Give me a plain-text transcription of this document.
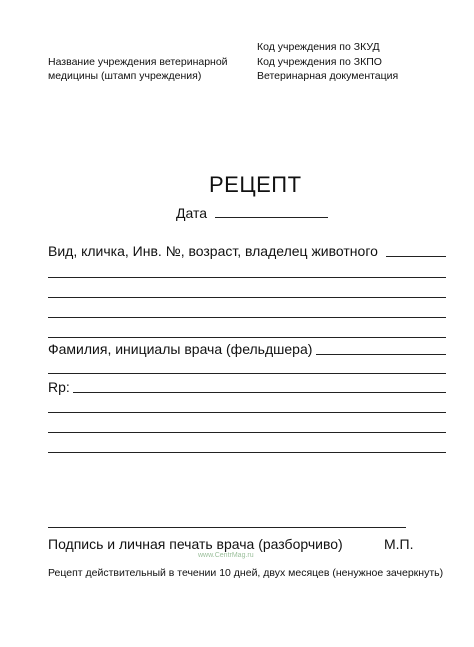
Название учреждения ветеринарной
медицины (штамп учреждения)
Код учреждения по ЗКУД
Код учреждения по ЗКПО
Ветеринарная документация
РЕЦЕПТ
Дата
Вид, кличка, Инв. №, возраст, владелец животного
Фамилия, инициалы врача (фельдшера)
Rp:
Подпись и личная печать врача (разборчиво)	М.П.
www.CentrMag.ru
Рецепт действительный в течении 10 дней, двух месяцев (ненужное зачеркнуть)
